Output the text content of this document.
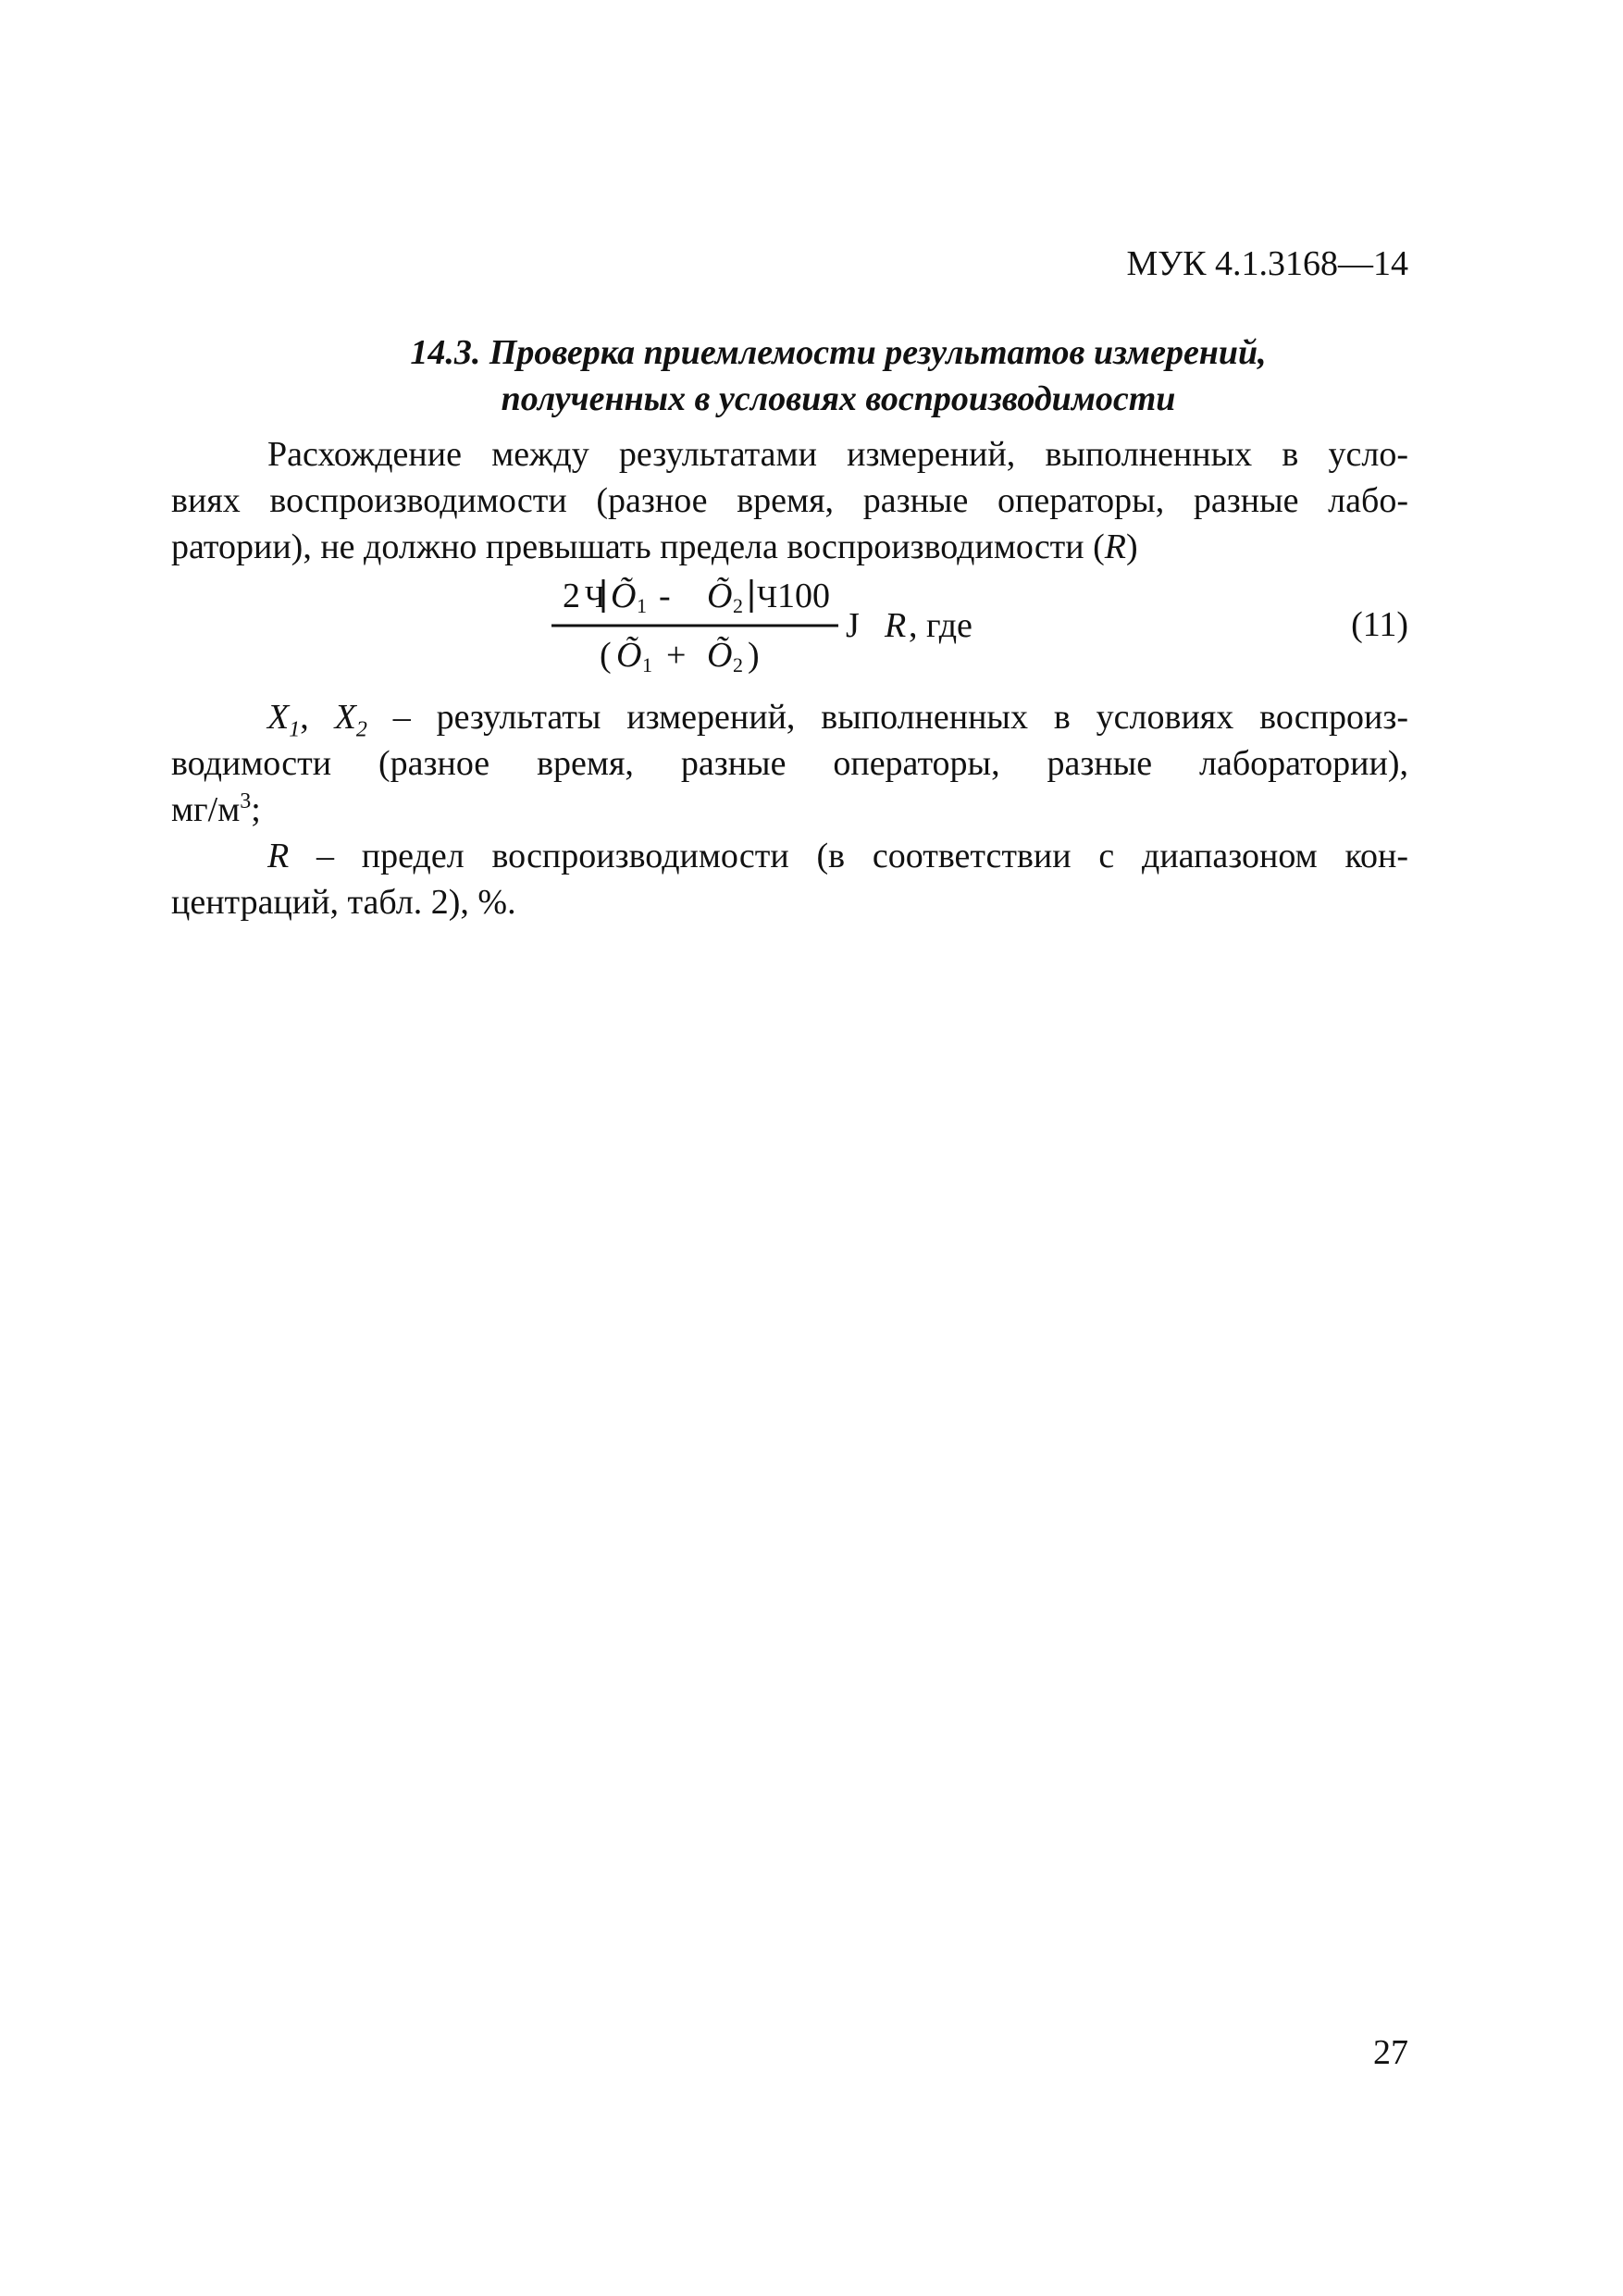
МУК 4.1.3168—14
14.3. Проверка приемлемости результатов измерений,
полученных в условиях воспроизводимости
Расхождение между результатами измерений, выполненных в усло-
виях воспроизводимости (разное время, разные операторы, разные лабо-
ратории), не должно превышать предела воспроизводимости (R)
2 Ч Õ 1 - Õ 2 Ч 100
( Õ 1 + Õ 2 )
J R , где	(11)
$X_1$, $X_2$ – результаты измерений, выполненных в условиях воспроиз-
водимости (разное время, разные операторы, разные лаборатории),
$мг/м^3$;
R – предел воспроизводимости (в соответствии с диапазоном кон-
центраций, табл. 2), %.
27
